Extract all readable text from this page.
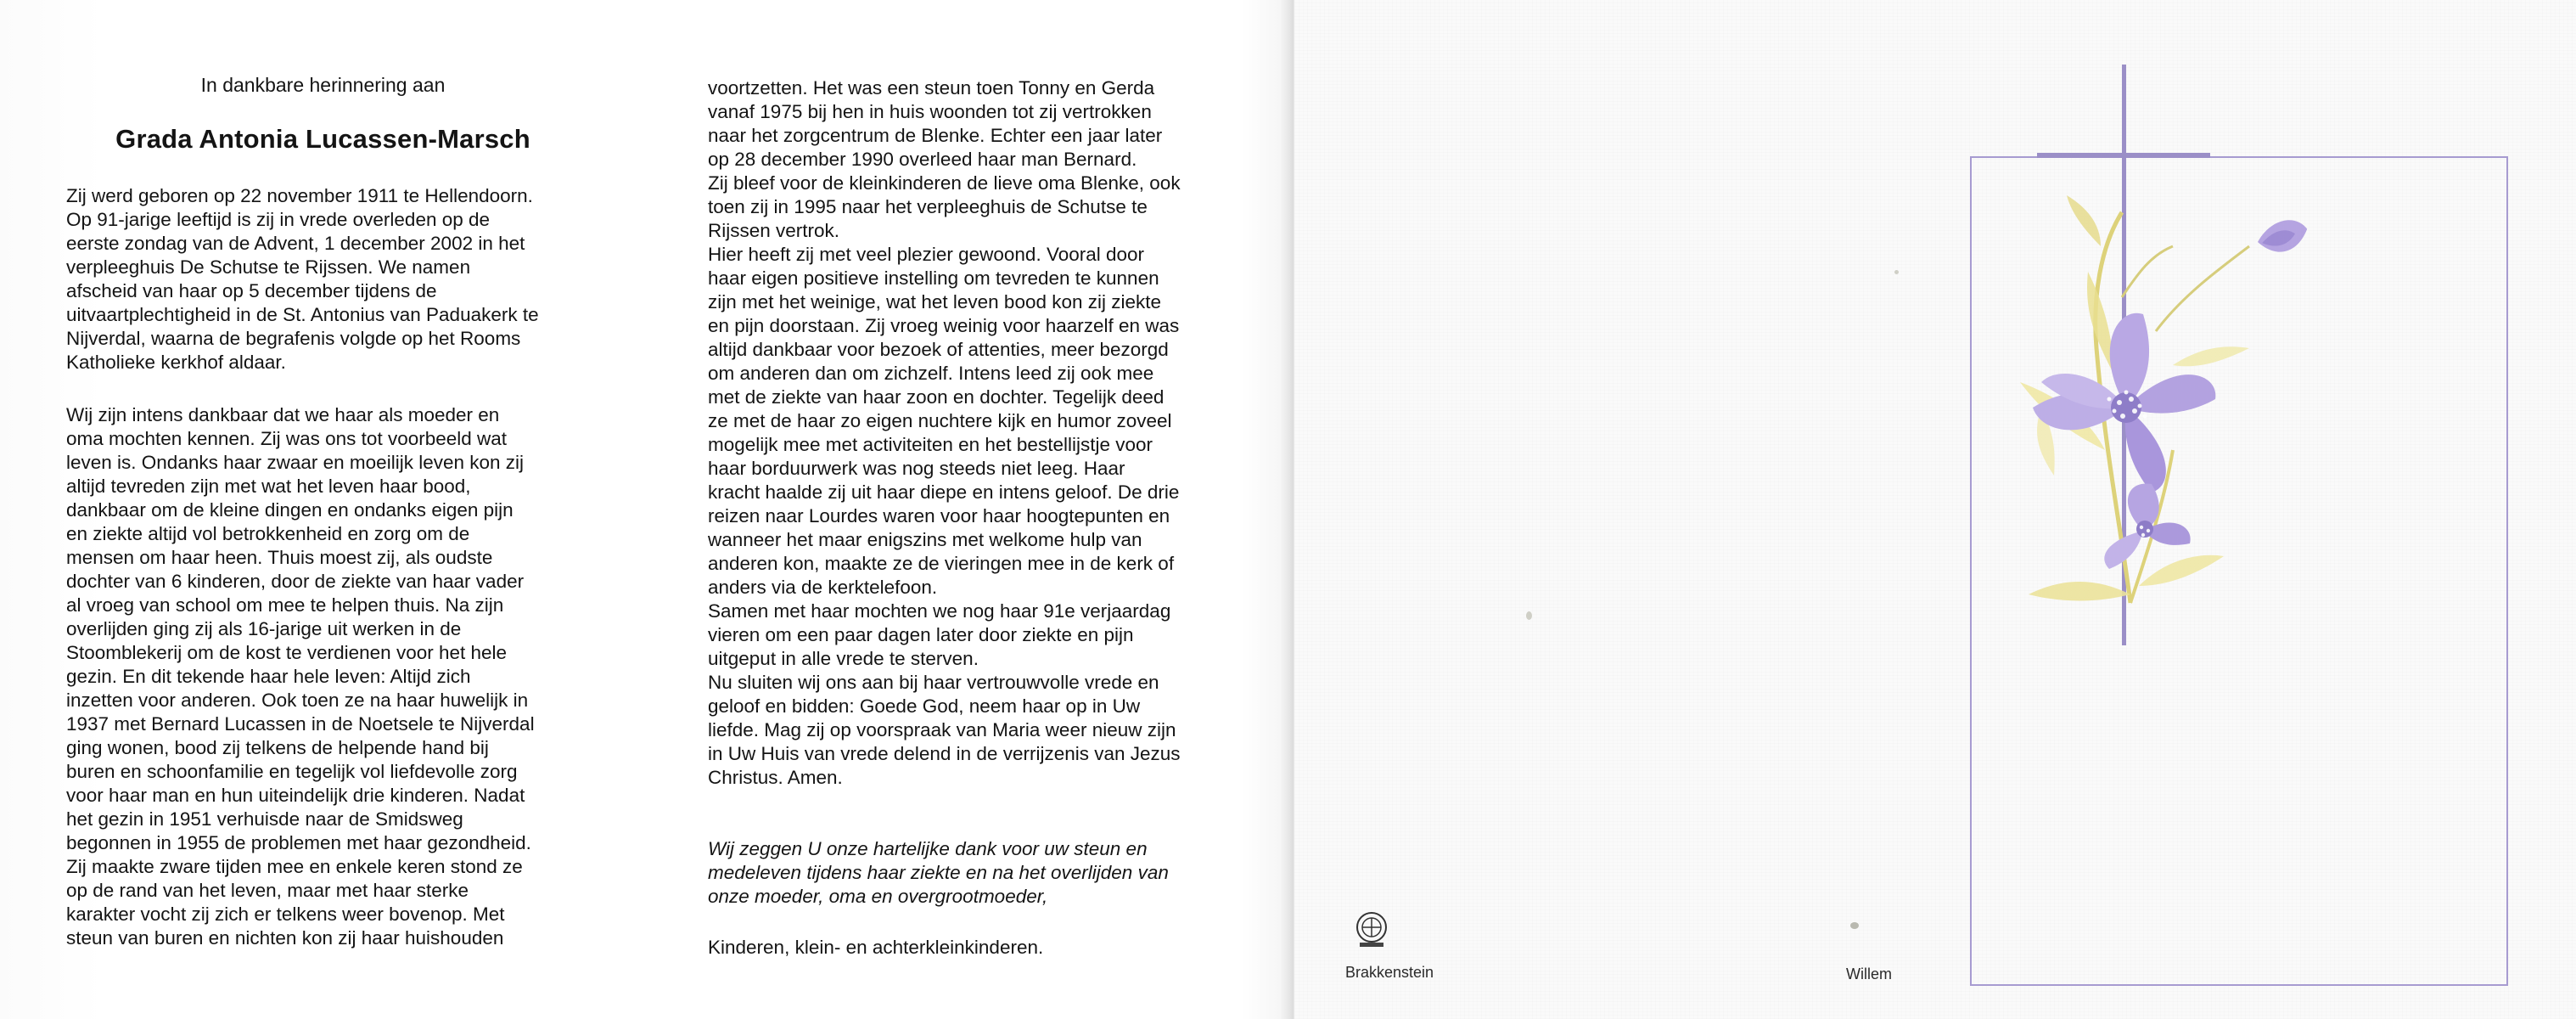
In dankbare herinnering aan
Grada Antonia Lucassen-Marsch

Zij werd geboren op 22 november 1911 te Hellendoorn.
Op 91-jarige leeftijd is zij in vrede overleden op de
eerste zondag van de Advent, 1 december 2002 in het
verpleeghuis De Schutse te Rijssen. We namen
afscheid van haar op 5 december tijdens de
uitvaartplechtigheid in de St. Antonius van Paduakerk te
Nijverdal, waarna de begrafenis volgde op het Rooms
Katholieke kerkhof aldaar.

Wij zijn intens dankbaar dat we haar als moeder en
oma mochten kennen. Zij was ons tot voorbeeld wat
leven is. Ondanks haar zwaar en moeilijk leven kon zij
altijd tevreden zijn met wat het leven haar bood,
dankbaar om de kleine dingen en ondanks eigen pijn
en ziekte altijd vol betrokkenheid en zorg om de
mensen om haar heen. Thuis moest zij, als oudste
dochter van 6 kinderen, door de ziekte van haar vader
al vroeg van school om mee te helpen thuis. Na zijn
overlijden ging zij als 16-jarige uit werken in de
Stoomblekerij om de kost te verdienen voor het hele
gezin. En dit tekende haar hele leven: Altijd zich
inzetten voor anderen. Ook toen ze na haar huwelijk in
1937 met Bernard Lucassen in de Noetsele te Nijverdal
ging wonen, bood zij telkens de helpende hand bij
buren en schoonfamilie en tegelijk vol liefdevolle zorg
voor haar man en hun uiteindelijk drie kinderen. Nadat
het gezin in 1951 verhuisde naar de Smidsweg
begonnen in 1955 de problemen met haar gezondheid.
Zij maakte zware tijden mee en enkele keren stond ze
op de rand van het leven, maar met haar sterke
karakter vocht zij zich er telkens weer bovenop. Met
steun van buren en nichten kon zij haar huishouden

voortzetten. Het was een steun toen Tonny en Gerda
vanaf 1975 bij hen in huis woonden tot zij vertrokken
naar het zorgcentrum de Blenke. Echter een jaar later
op 28 december 1990 overleed haar man Bernard.
Zij bleef voor de kleinkinderen de lieve oma Blenke, ook
toen zij in 1995 naar het verpleeghuis de Schutse te
Rijssen vertrok.
Hier heeft zij met veel plezier gewoond. Vooral door
haar eigen positieve instelling om tevreden te kunnen
zijn met het weinige, wat het leven bood kon zij ziekte
en pijn doorstaan. Zij vroeg weinig voor haarzelf en was
altijd dankbaar voor bezoek of attenties, meer bezorgd
om anderen dan om zichzelf. Intens leed zij ook mee
met de ziekte van haar zoon en dochter. Tegelijk deed
ze met de haar zo eigen nuchtere kijk en humor zoveel
mogelijk mee met activiteiten en het bestellijstje voor
haar borduurwerk was nog steeds niet leeg. Haar
kracht haalde zij uit haar diepe en intens geloof. De drie
reizen naar Lourdes waren voor haar hoogtepunten en
wanneer het maar enigszins met welkome hulp van
anderen kon, maakte ze de vieringen mee in de kerk of
anders via de kerktelefoon.
Samen met haar mochten we nog haar 91e verjaardag
vieren om een paar dagen later door ziekte en pijn
uitgeput in alle vrede te sterven.
Nu sluiten wij ons aan bij haar vertrouwvolle vrede en
geloof en bidden: Goede God, neem haar op in Uw
liefde. Mag zij op voorspraak van Maria weer nieuw zijn
in Uw Huis van vrede delend in de verrijzenis van Jezus
Christus. Amen.

Wij zeggen U onze hartelijke dank voor uw steun en
medeleven tijdens haar ziekte en na het overlijden van
onze moeder, oma en overgrootmoeder,

Kinderen, klein- en achterkleinkinderen.

Brakkenstein	Willem
